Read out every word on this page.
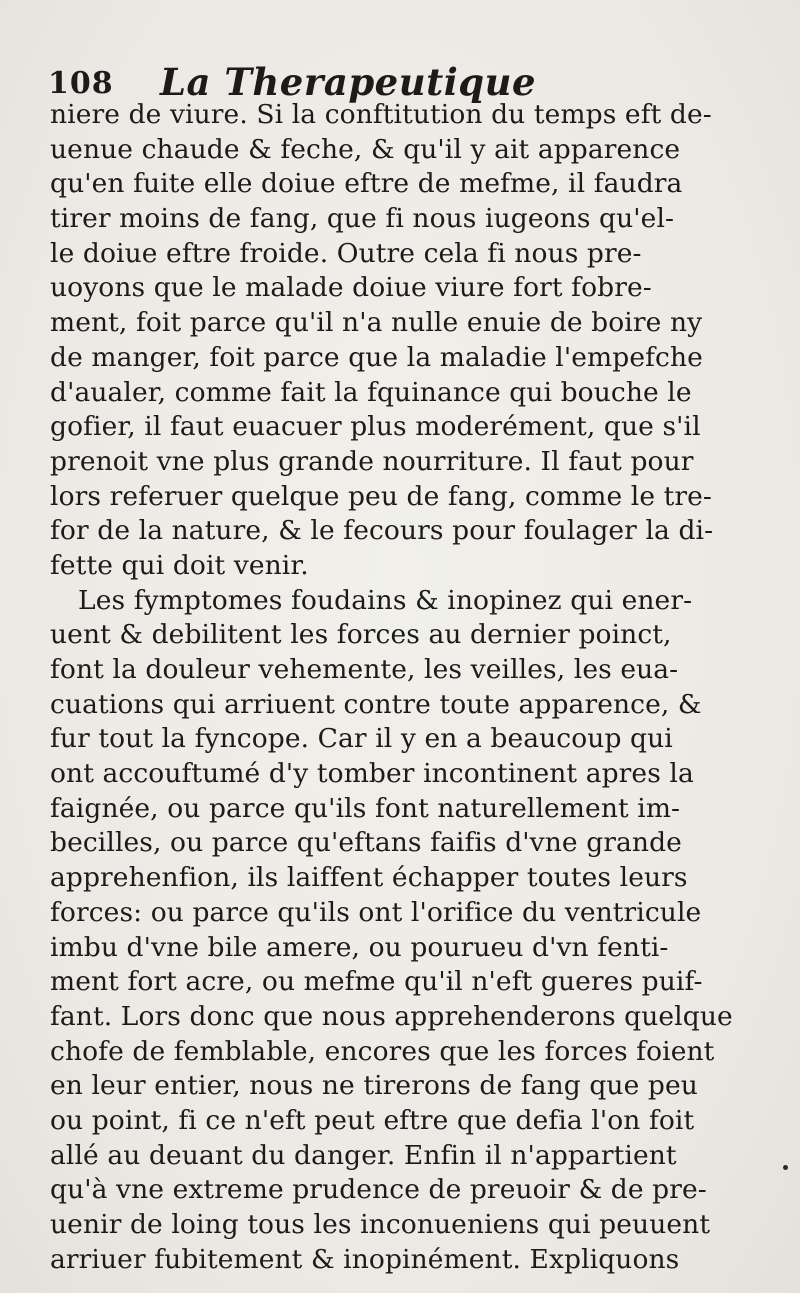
108 La Therapeutique
niere de viure. Si la conftitution du temps eft de-
uenue chaude & feche, & qu'il y ait apparence
qu'en fuite elle doiue eftre de mefme, il faudra
tirer moins de fang, que fi nous iugeons qu'el-
le doiue eftre froide. Outre cela fi nous pre-
uoyons que le malade doiue viure fort fobre-
ment, foit parce qu'il n'a nulle enuie de boire ny
de manger, foit parce que la maladie l'empefche
d'aualer, comme fait la fquinance qui bouche le
gofier, il faut euacuer plus moderément, que s'il
prenoit vne plus grande nourriture. Il faut pour
lors referuer quelque peu de fang, comme le tre-
for de la nature, & le fecours pour foulager la di-
fette qui doit venir.
Les fymptomes foudains & inopinez qui ener-
uent & debilitent les forces au dernier poinct,
font la douleur vehemente, les veilles, les eua-
cuations qui arriuent contre toute apparence, &
fur tout la fyncope. Car il y en a beaucoup qui
ont accouftumé d'y tomber incontinent apres la
faignée, ou parce qu'ils font naturellement im-
becilles, ou parce qu'eftans faifis d'vne grande
apprehenfion, ils laiffent échapper toutes leurs
forces: ou parce qu'ils ont l'orifice du ventricule
imbu d'vne bile amere, ou pourueu d'vn fenti-
ment fort acre, ou mefme qu'il n'eft gueres puif-
fant. Lors donc que nous apprehenderons quelque
chofe de femblable, encores que les forces foient
en leur entier, nous ne tirerons de fang que peu
ou point, fi ce n'eft peut eftre que defia l'on foit
allé au deuant du danger. Enfin il n'appartient
qu'à vne extreme prudence de preuoir & de pre-
uenir de loing tous les inconueniens qui peuuent
arriuer fubitement & inopinément. Expliquons
